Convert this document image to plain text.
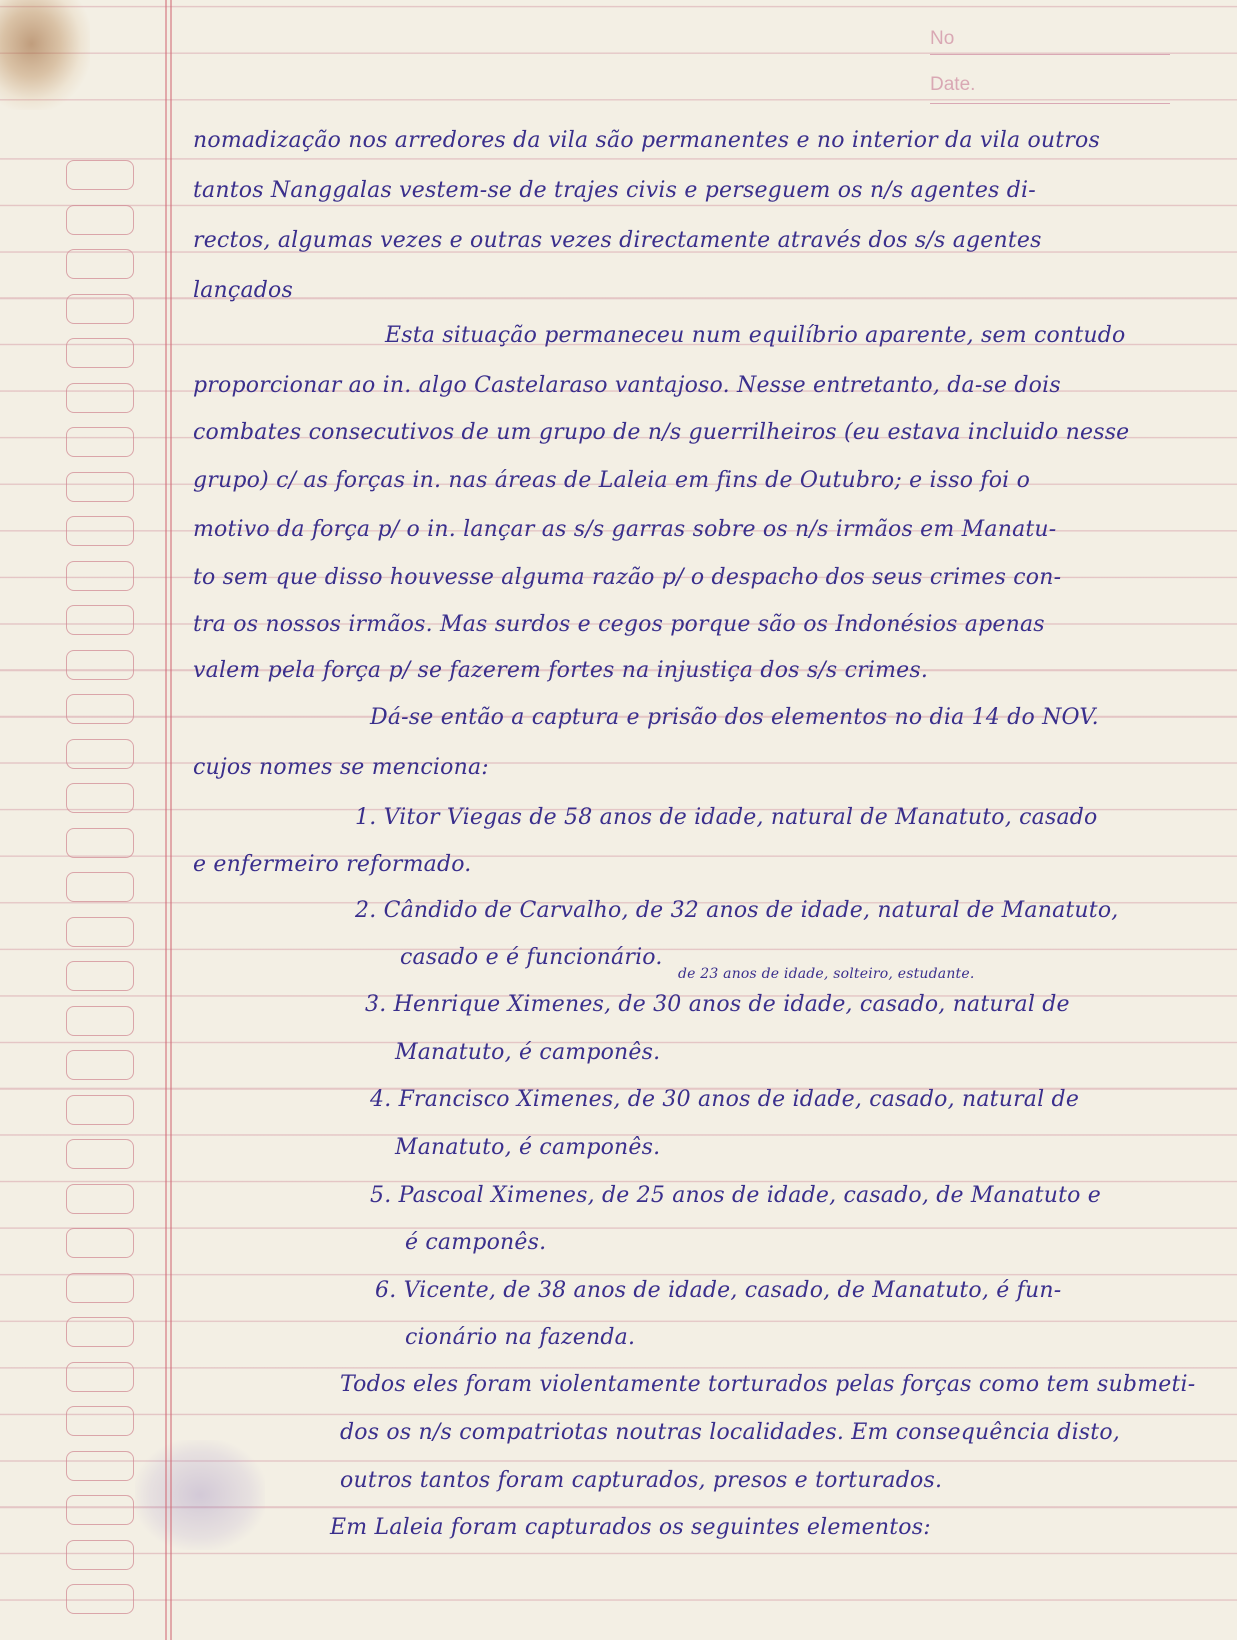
No
Date.
nomadização nos arredores da vila são permanentes e no interior da vila outros
tantos Nanggalas vestem-se de trajes civis e perseguem os n/s agentes di-
rectos, algumas vezes e outras vezes directamente através dos s/s agentes
lançados
Esta situação permaneceu num equilíbrio aparente, sem contudo
proporcionar ao in. algo Castelaraso vantajoso. Nesse entretanto, da-se dois
combates consecutivos de um grupo de n/s guerrilheiros (eu estava incluido nesse
grupo) c/ as forças in. nas áreas de Laleia em fins de Outubro; e isso foi o
motivo da força p/ o in. lançar as s/s garras sobre os n/s irmãos em Manatu-
to sem que disso houvesse alguma razão p/ o despacho dos seus crimes con-
tra os nossos irmãos. Mas surdos e cegos porque são os Indonésios apenas
valem pela força p/ se fazerem fortes na injustiça dos s/s crimes.
Dá-se então a captura e prisão dos elementos no dia 14 do NOV.
cujos nomes se menciona:
1. Vitor Viegas de 58 anos de idade, natural de Manatuto, casado
e enfermeiro reformado.
2. Cândido de Carvalho, de 32 anos de idade, natural de Manatuto,
casado e é funcionário.
de 23 anos de idade, solteiro, estudante.
3. Henrique Ximenes, de 30 anos de idade, casado, natural de
Manatuto, é camponês.
4. Francisco Ximenes, de 30 anos de idade, casado, natural de
Manatuto, é camponês.
5. Pascoal Ximenes, de 25 anos de idade, casado, de Manatuto e
é camponês.
6. Vicente, de 38 anos de idade, casado, de Manatuto, é fun-
cionário na fazenda.
Todos eles foram violentamente torturados pelas forças como tem submeti-
dos os n/s compatriotas noutras localidades. Em consequência disto,
outros tantos foram capturados, presos e torturados.
Em Laleia foram capturados os seguintes elementos:
